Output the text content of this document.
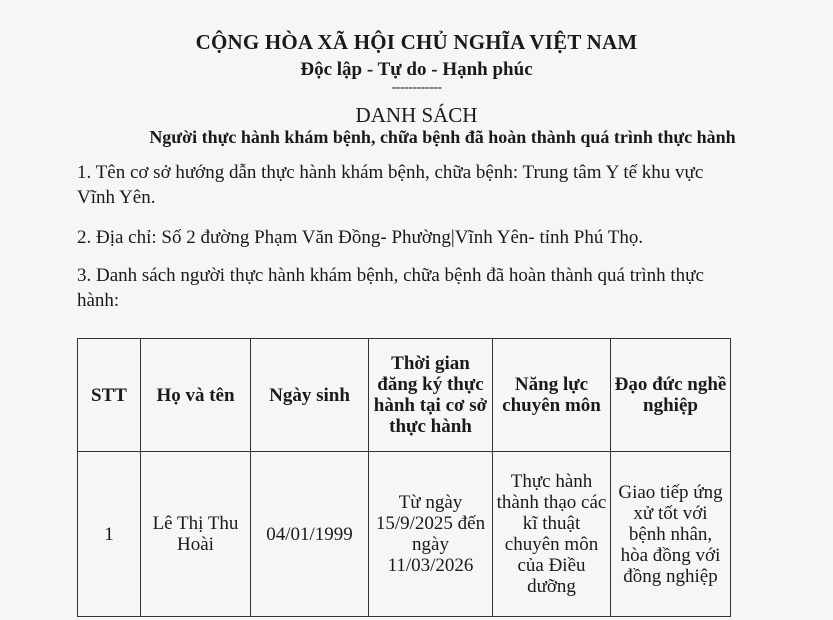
CỘNG HÒA XÃ HỘI CHỦ NGHĨA VIỆT NAM
Độc lập - Tự do - Hạnh phúc
------------
DANH SÁCH
Người thực hành khám bệnh, chữa bệnh đã hoàn thành quá trình thực hành
1. Tên cơ sở hướng dẫn thực hành khám bệnh, chữa bệnh: Trung tâm Y tế khu vực Vĩnh Yên.
2. Địa chỉ: Số 2 đường Phạm Văn Đồng- Phường|Vĩnh Yên- tỉnh Phú Thọ.
3. Danh sách người thực hành khám bệnh, chữa bệnh đã hoàn thành quá trình thực hành:
STT	Họ và tên	Ngày sinh	Thời gian đăng ký thực hành tại cơ sở thực hành	Năng lực chuyên môn	Đạo đức nghề nghiệp
1	Lê Thị Thu Hoài	04/01/1999	Từ ngày 15/9/2025 đến ngày 11/03/2026	Thực hành thành thạo các kĩ thuật chuyên môn của Điều dưỡng	Giao tiếp ứng xử tốt với bệnh nhân, hòa đồng với đồng nghiệp
